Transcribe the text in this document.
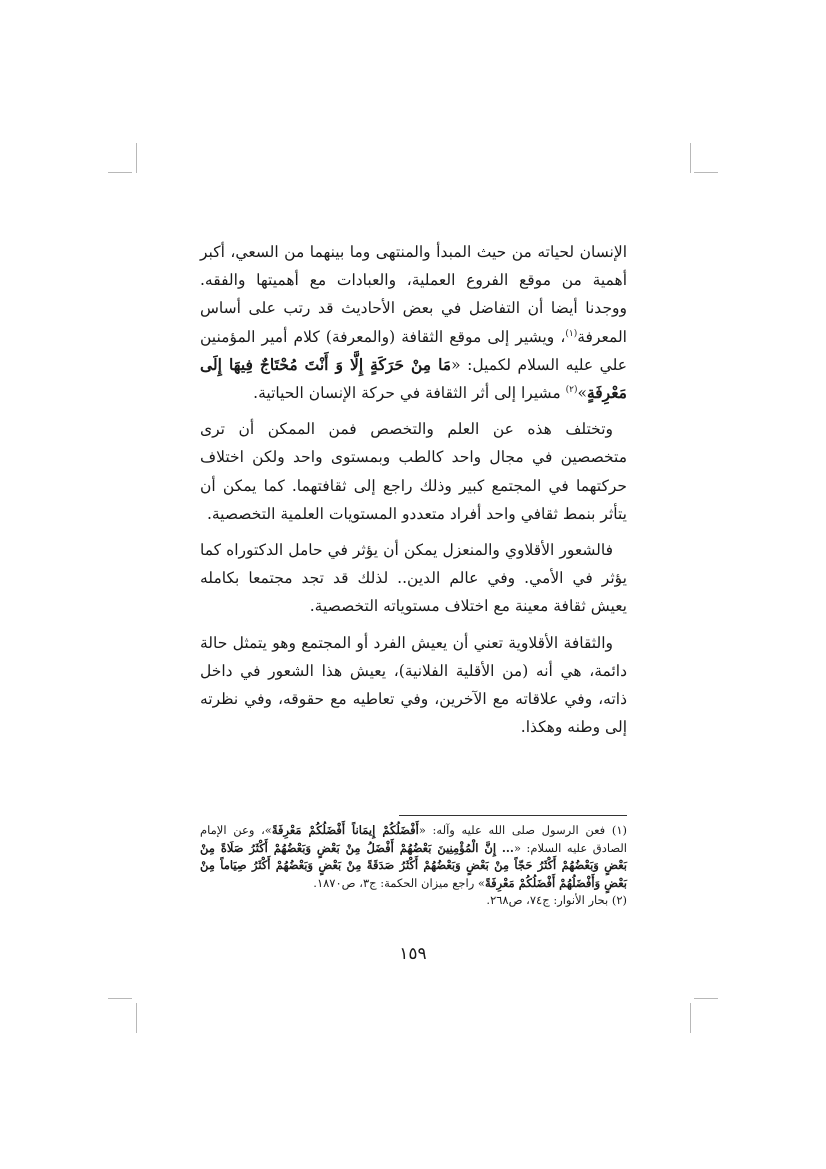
الإنسان لحياته من حيث المبدأ والمنتهى وما بينهما من السعي، أكبر أهمية من موقع الفروع العملية، والعبادات مع أهميتها والفقه. ووجدنا أيضا أن التفاضل في بعض الأحاديث قد رتب على أساس المعرفة$^{(١)}$، ويشير إلى موقع الثقافة (والمعرفة) كلام أمير المؤمنين علي عليه السلام لكميل: «مَا مِنْ حَرَكَةٍ إِلَّا وَ أَنْتَ مُحْتَاجٌ فِيهَا إِلَى مَعْرِفَةٍ»$^{(٢)}$ مشيرا إلى أثر الثقافة في حركة الإنسان الحياتية.

وتختلف هذه عن العلم والتخصص فمن الممكن أن ترى متخصصين في مجال واحد كالطب وبمستوى واحد ولكن اختلاف حركتهما في المجتمع كبير وذلك راجع إلى ثقافتهما. كما يمكن أن يتأثر بنمط ثقافي واحد أفراد متعددو المستويات العلمية التخصصية.

فالشعور الأقلاوي والمنعزل يمكن أن يؤثر في حامل الدكتوراه كما يؤثر في الأمي. وفي عالم الدين.. لذلك قد تجد مجتمعا بكامله يعيش ثقافة معينة مع اختلاف مستوياته التخصصية.

والثقافة الأقلاوية تعني أن يعيش الفرد أو المجتمع وهو يتمثل حالة دائمة، هي أنه (من الأقلية الفلانية)، يعيش هذا الشعور في داخل ذاته، وفي علاقاته مع الآخرين، وفي تعاطيه مع حقوقه، وفي نظرته إلى وطنه وهكذا.

(١) فعن الرسول صلى الله عليه وآله: «أَفْضَلُكُمْ إِيمَاناً أَفْضَلُكُمْ مَعْرِفَةً»، وعن الإمام الصادق عليه السلام: «... إِنَّ الْمُؤْمِنِينَ بَعْضُهُمْ أَفْضَلُ مِنْ بَعْضٍ وَبَعْضُهُمْ أَكْثَرُ صَلَاةً مِنْ بَعْضٍ وَبَعْضُهُمْ أَكْثَرُ حَجّاً مِنْ بَعْضٍ وَبَعْضُهُمْ أَكْثَرُ صَدَقَةً مِنْ بَعْضٍ وَبَعْضُهُمْ أَكْثَرُ صِيَاماً مِنْ بَعْضٍ وَأَفْضَلُهُمْ أَفْضَلُكُمْ مَعْرِفَةً» راجع ميزان الحكمة: ج٣، ص١٨٧٠.

(٢) بحار الأنوار: ج٧٤، ص٢٦٨.

١٥٩
